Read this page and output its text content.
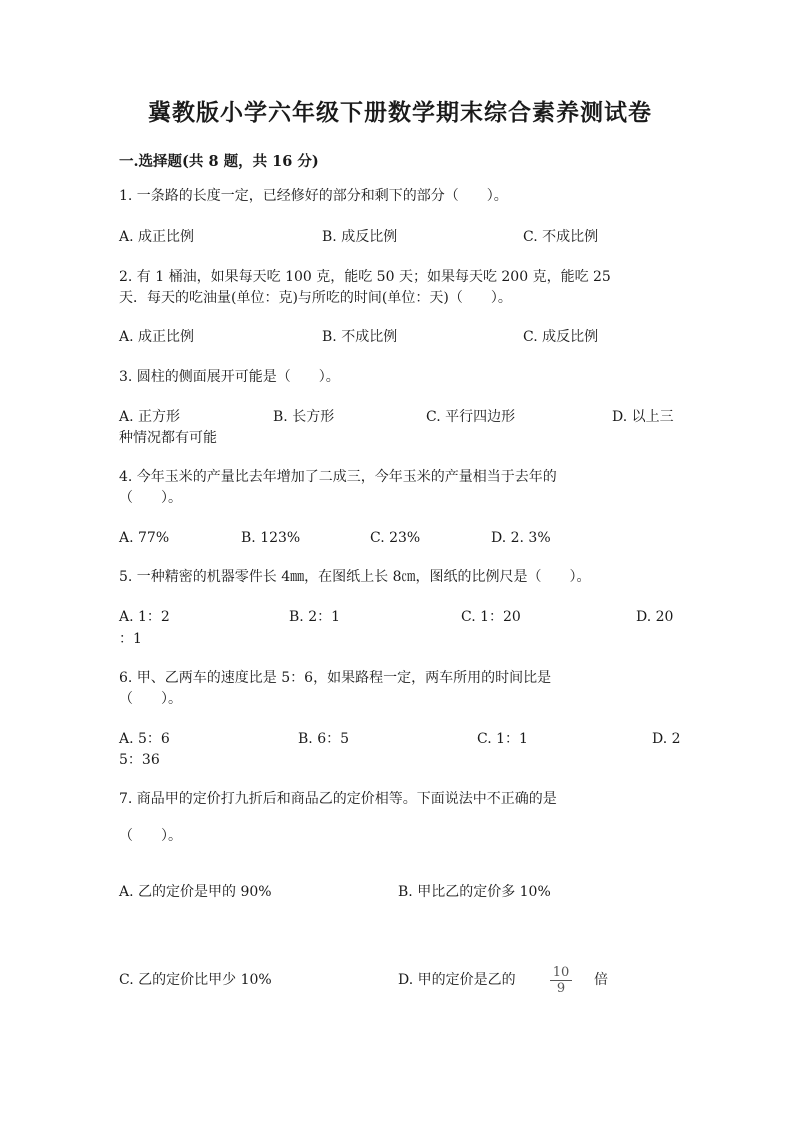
冀教版小学六年级下册数学期末综合素养测试卷
一.选择题(共 8 题，共 16 分)
1. 一条路的长度一定，已经修好的部分和剩下的部分（　　）。
A. 成正比例	B. 成反比例	C. 不成比例
2. 有 1 桶油，如果每天吃 100 克，能吃 50 天；如果每天吃 200 克，能吃 25
天．每天的吃油量(单位：克)与所吃的时间(单位：天)（　　）。
A. 成正比例	B. 不成比例	C. 成反比例
3. 圆柱的侧面展开可能是（　　）。
A. 正方形	B. 长方形	C. 平行四边形	D. 以上三
种情况都有可能
4. 今年玉米的产量比去年增加了二成三，今年玉米的产量相当于去年的
（　　）。
A. 77%	B. 123%	C. 23%	D. 2. 3%
5. 一种精密的机器零件长 4㎜，在图纸上长 8㎝，图纸的比例尺是（　　）。
A. 1：2	B. 2：1	C. 1：20	D. 20
：1
6. 甲、乙两车的速度比是 5：6，如果路程一定，两车所用的时间比是
（　　）。
A. 5：6	B. 6：5	C. 1：1	D. 2
5：36
7. 商品甲的定价打九折后和商品乙的定价相等。下面说法中不正确的是
（　　）。
A. 乙的定价是甲的 90%	B. 甲比乙的定价多 10%
C. 乙的定价比甲少 10%	D. 甲的定价是乙的	$\frac{10}{9}$ 倍
